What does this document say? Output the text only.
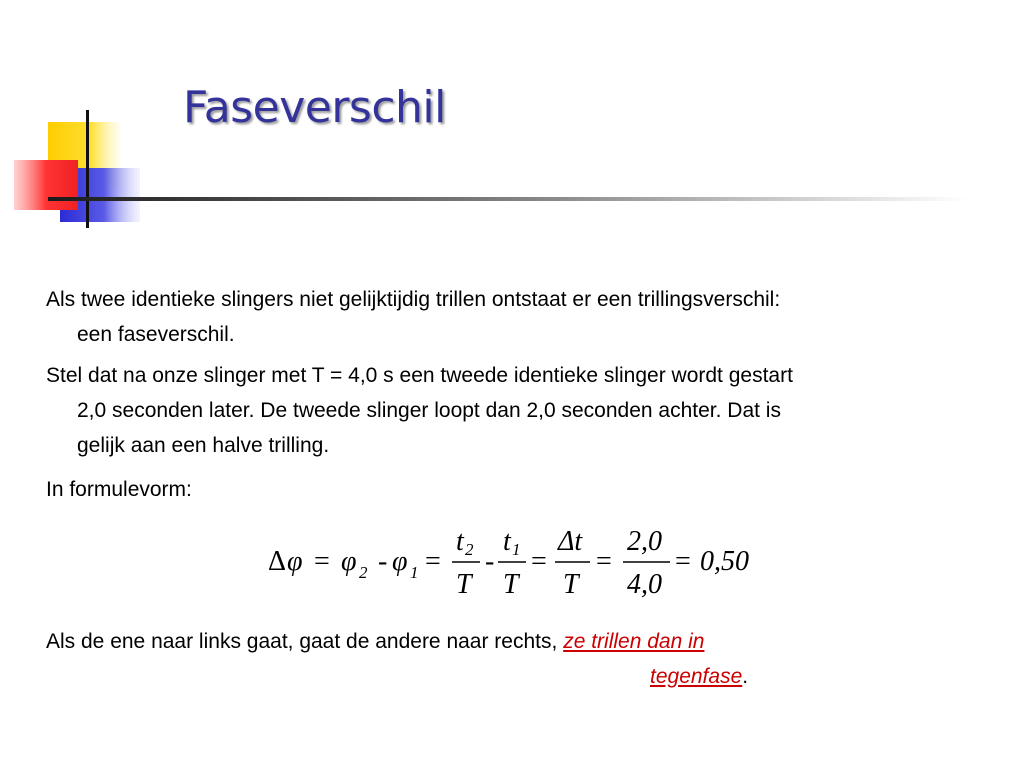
Faseverschil
Als twee identieke slingers niet gelijktijdig trillen ontstaat er een trillingsverschil:
een faseverschil.
Stel dat na onze slinger met T = 4,0 s een tweede identieke slinger wordt gestart
2,0 seconden later. De tweede slinger loopt dan 2,0 seconden achter. Dat is
gelijk aan een halve trilling.
In formulevorm:
Δ φ = φ 2 - φ 1 =
t 2
T
-
t 1
T
=
Δt
T
=
2,0
4,0
= 0,50
Als de ene naar links gaat, gaat de andere naar rechts, ze trillen dan in
tegenfase.
